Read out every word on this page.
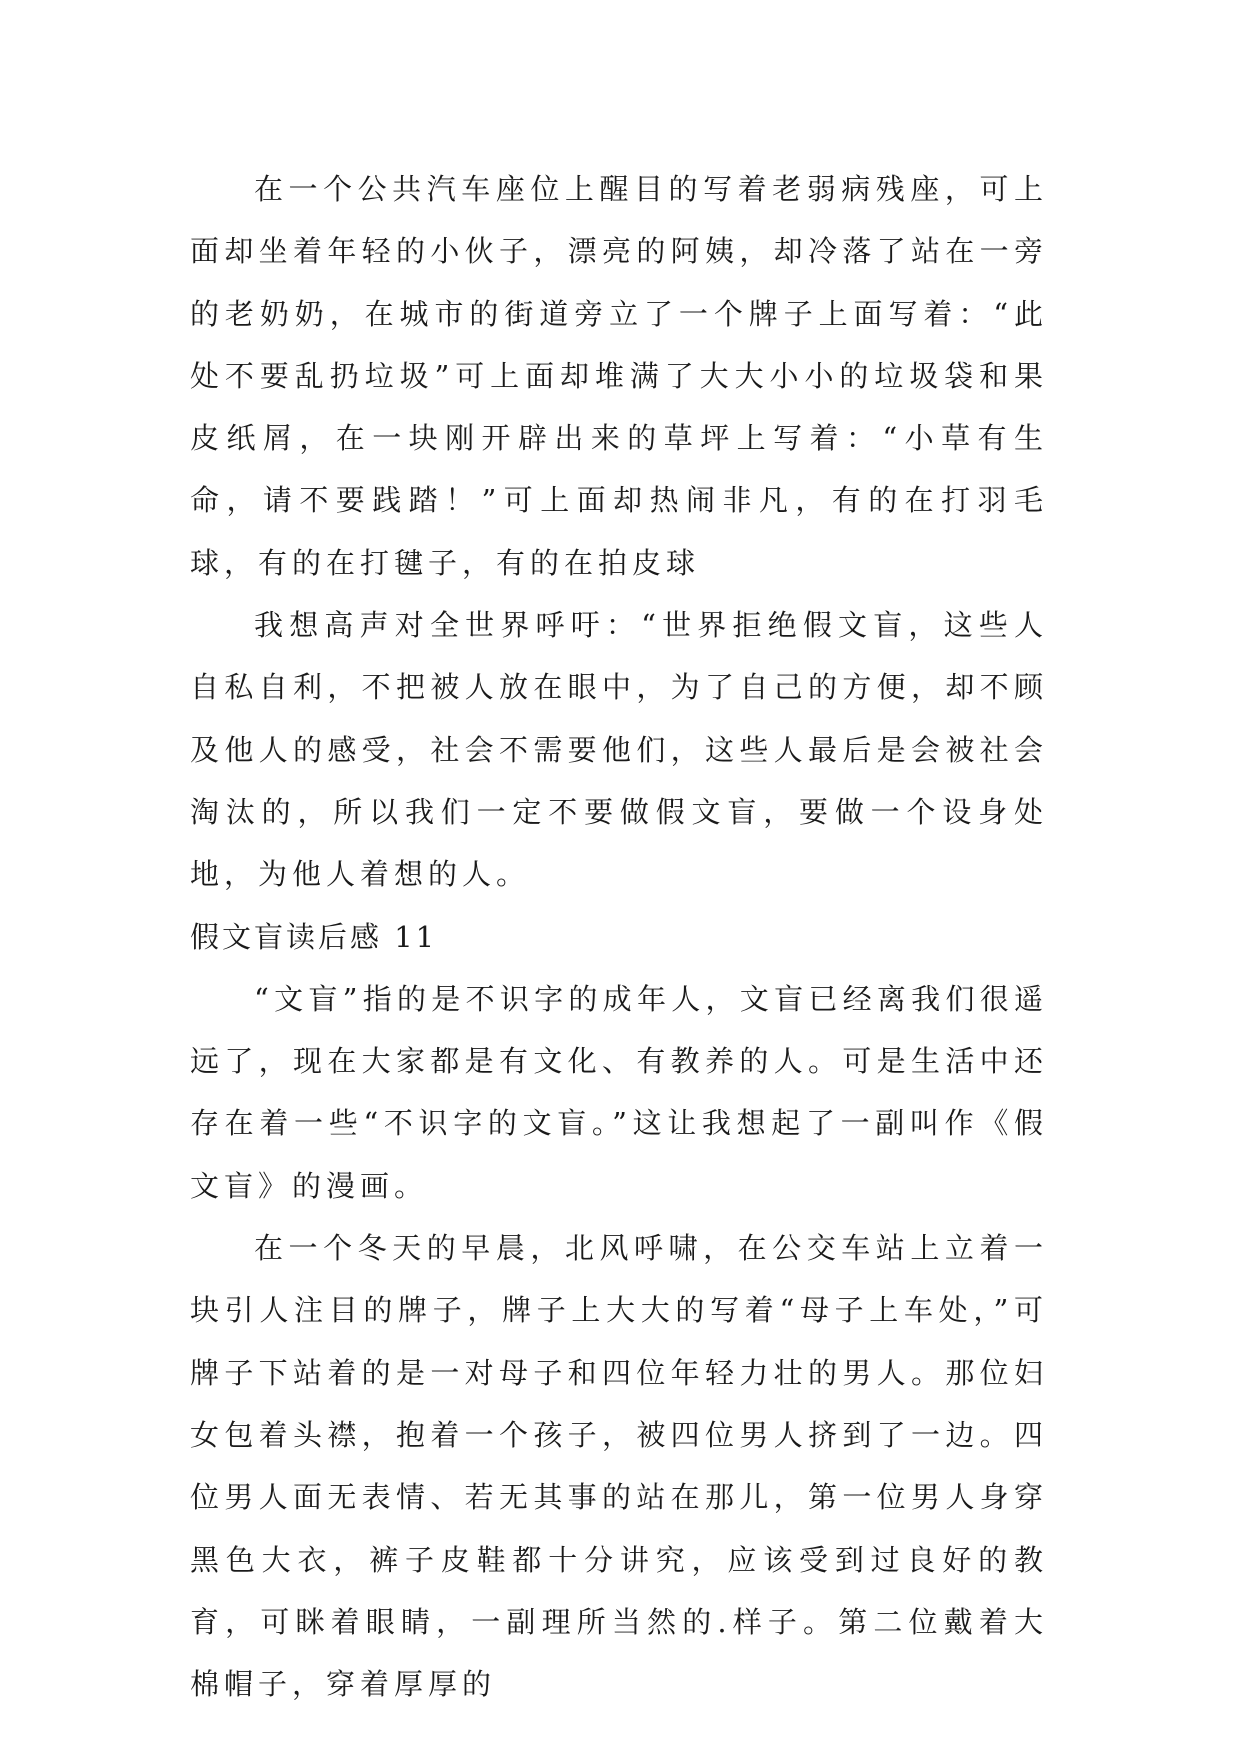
在一个公共汽车座位上醒目的写着老弱病残座，可上面却坐着年轻的小伙子，漂亮的阿姨，却冷落了站在一旁的老奶奶，在城市的街道旁立了一个牌子上面写着：“此处不要乱扔垃圾”可上面却堆满了大大小小的垃圾袋和果皮纸屑，在一块刚开辟出来的草坪上写着：“小草有生命，请不要践踏！”可上面却热闹非凡，有的在打羽毛球，有的在打毽子，有的在拍皮球

我想高声对全世界呼吁：“世界拒绝假文盲，这些人自私自利，不把被人放在眼中，为了自己的方便，却不顾及他人的感受，社会不需要他们，这些人最后是会被社会淘汰的，所以我们一定不要做假文盲，要做一个设身处地，为他人着想的人。

假文盲读后感 11

“文盲”指的是不识字的成年人，文盲已经离我们很遥远了，现在大家都是有文化、有教养的人。可是生活中还存在着一些“不识字的文盲。”这让我想起了一副叫作《假文盲》的漫画。

在一个冬天的早晨，北风呼啸，在公交车站上立着一块引人注目的牌子，牌子上大大的写着“母子上车处，”可牌子下站着的是一对母子和四位年轻力壮的男人。那位妇女包着头襟，抱着一个孩子，被四位男人挤到了一边。四位男人面无表情、若无其事的站在那儿，第一位男人身穿黑色大衣，裤子皮鞋都十分讲究，应该受到过良好的教育，可眯着眼睛，一副理所当然的.样子。第二位戴着大棉帽子，穿着厚厚的
